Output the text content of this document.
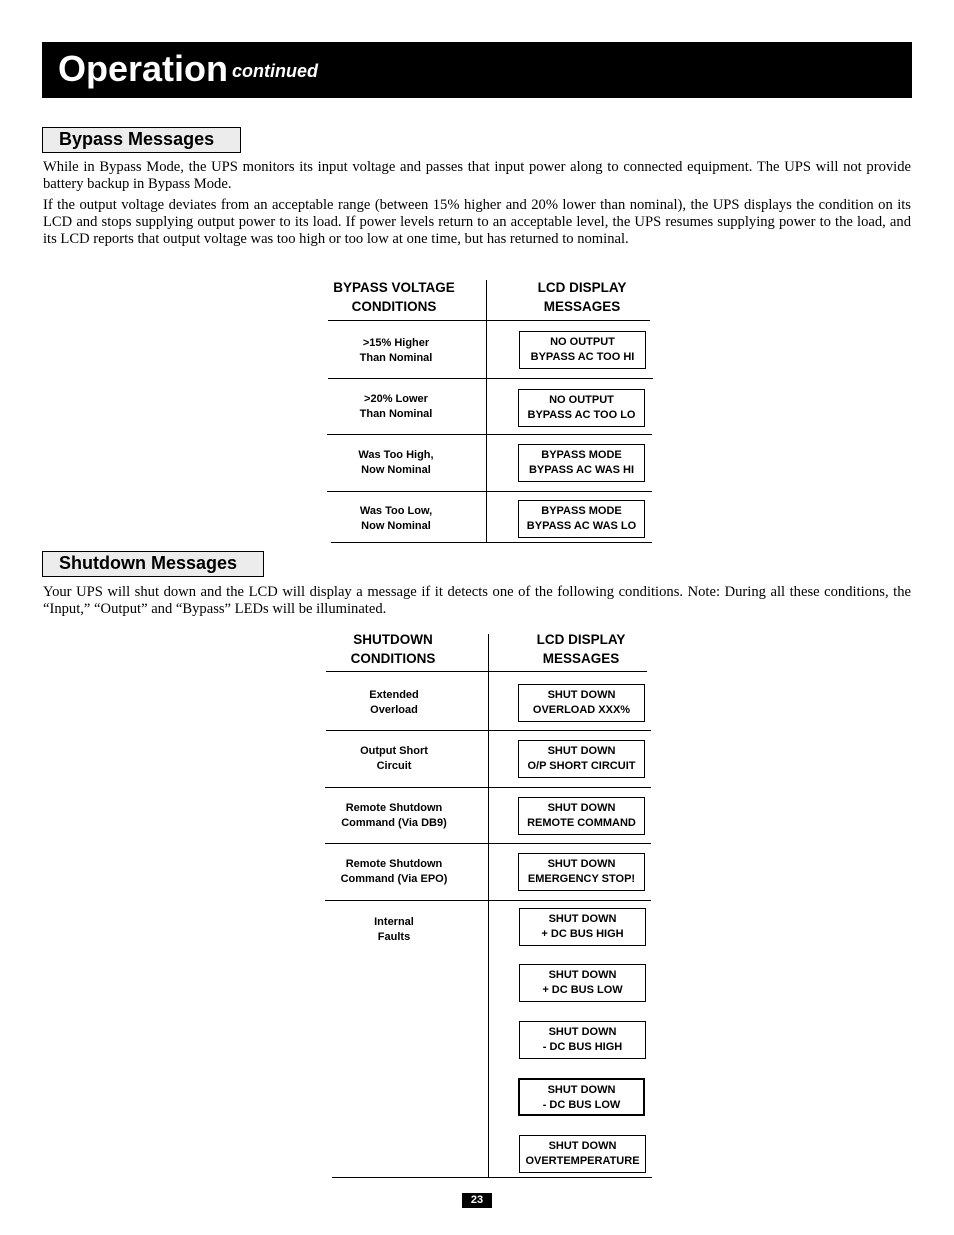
Operation continued
Bypass Messages

While in Bypass Mode, the UPS monitors its input voltage and passes that input power along to connected equipment. The UPS will not provide battery backup in Bypass Mode.

If the output voltage deviates from an acceptable range (between 15% higher and 20% lower than nominal), the UPS displays the condition on its LCD and stops supplying output power to its load. If power levels return to an acceptable level, the UPS resumes supplying power to the load, and its LCD reports that output voltage was too high or too low at one time, but has returned to nominal.

BYPASS VOLTAGE
CONDITIONS
LCD DISPLAY
MESSAGES
>15% Higher
Than Nominal
NO OUTPUT
BYPASS AC TOO HI
>20% Lower
Than Nominal
NO OUTPUT
BYPASS AC TOO LO
Was Too High,
Now Nominal
BYPASS MODE
BYPASS AC WAS HI
Was Too Low,
Now Nominal
BYPASS MODE
BYPASS AC WAS LO
Shutdown Messages

Your UPS will shut down and the LCD will display a message if it detects one of the following conditions. Note: During all these conditions, the “Input,” “Output” and “Bypass” LEDs will be illuminated.

SHUTDOWN
CONDITIONS
LCD DISPLAY
MESSAGES
Extended
Overload
SHUT DOWN
OVERLOAD XXX%
Output Short
Circuit
SHUT DOWN
O/P SHORT CIRCUIT
Remote Shutdown
Command (Via DB9)
SHUT DOWN
REMOTE COMMAND
Remote Shutdown
Command (Via EPO)
SHUT DOWN
EMERGENCY STOP!
Internal
Faults
SHUT DOWN
+ DC BUS HIGH
SHUT DOWN
+ DC BUS LOW
SHUT DOWN
- DC BUS HIGH
SHUT DOWN
- DC BUS LOW
SHUT DOWN
OVERTEMPERATURE
23
